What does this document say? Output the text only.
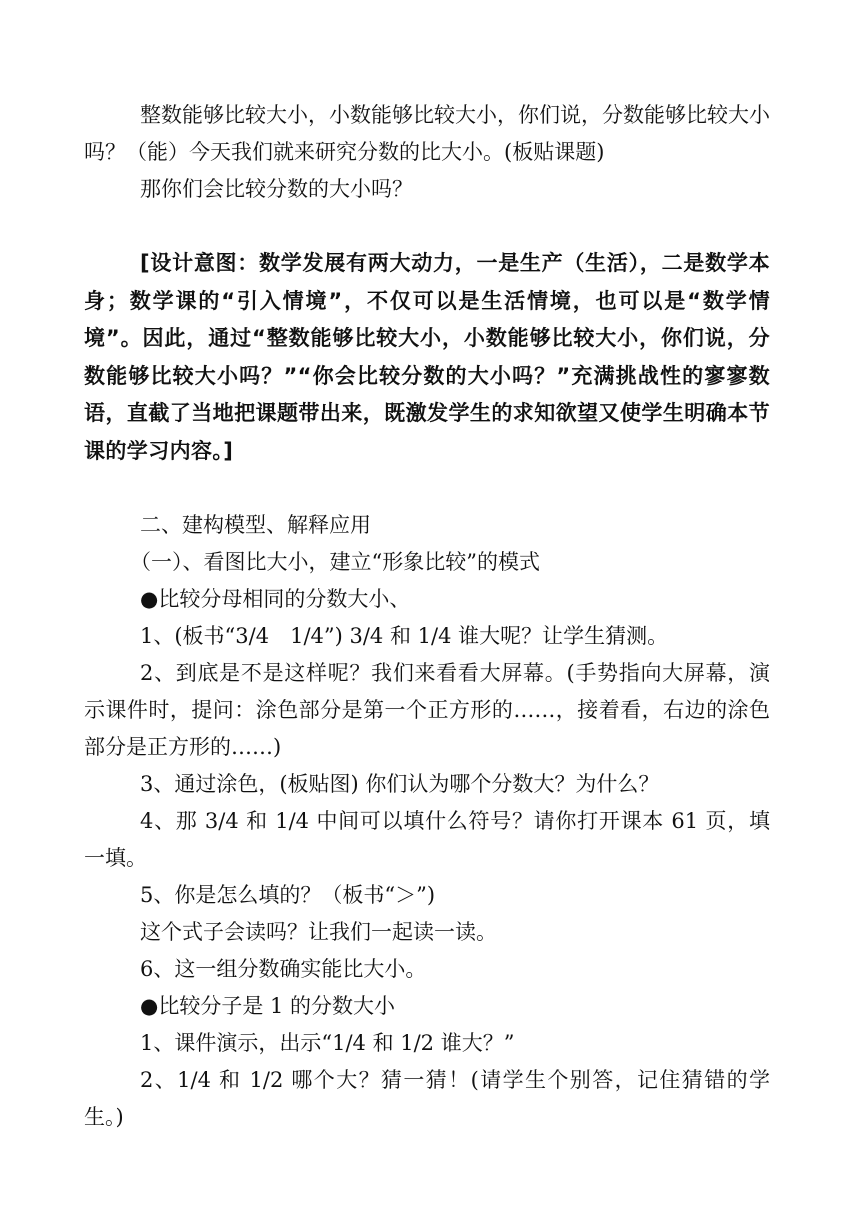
整数能够比较大小，小数能够比较大小，你们说，分数能够比较大小吗？（能）今天我们就来研究分数的比大小。(板贴课题)

那你们会比较分数的大小吗？

[设计意图：数学发展有两大动力，一是生产（生活），二是数学本身；数学课的“引入情境”，不仅可以是生活情境，也可以是“数学情境”。因此，通过“整数能够比较大小，小数能够比较大小，你们说，分数能够比较大小吗？”“你会比较分数的大小吗？”充满挑战性的寥寥数语，直截了当地把课题带出来，既激发学生的求知欲望又使学生明确本节课的学习内容。]

二、建构模型、解释应用

（一）、看图比大小，建立“形象比较”的模式

●比较分母相同的分数大小、

1、(板书“3/4　1/4”) 3/4 和 1/4 谁大呢？让学生猜测。

2、到底是不是这样呢？我们来看看大屏幕。(手势指向大屏幕，演示课件时，提问：涂色部分是第一个正方形的……，接着看，右边的涂色部分是正方形的……)

3、通过涂色，(板贴图) 你们认为哪个分数大？为什么？

4、那 3/4 和 1/4 中间可以填什么符号？请你打开课本 61 页，填一填。

5、你是怎么填的？（板书“＞”)

这个式子会读吗？让我们一起读一读。

6、这一组分数确实能比大小。

●比较分子是 1 的分数大小

1、课件演示，出示“1/4 和 1/2 谁大？”

2、1/4 和 1/2 哪个大？猜一猜！(请学生个别答，记住猜错的学生。)
